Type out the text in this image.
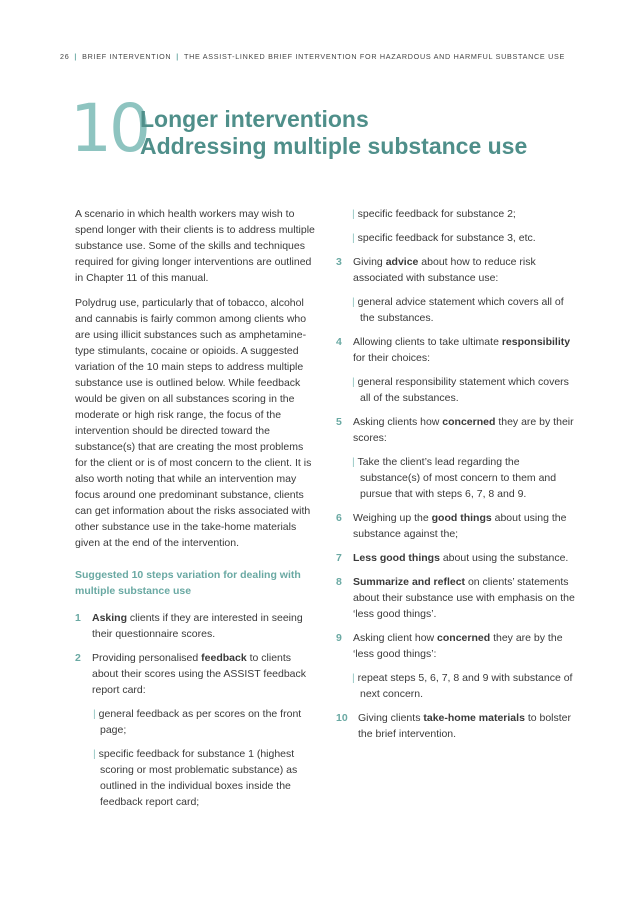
26 | BRIEF INTERVENTION | THE ASSIST-LINKED BRIEF INTERVENTION FOR HAZARDOUS AND HARMFUL SUBSTANCE USE
10
Longer interventions
Addressing multiple substance use

A scenario in which health workers may wish to spend longer with their clients is to address multiple substance use. Some of the skills and techniques required for giving longer interventions are outlined in Chapter 11 of this manual.

Polydrug use, particularly that of tobacco, alcohol and cannabis is fairly common among clients who are using illicit substances such as amphetamine-type stimulants, cocaine or opioids. A suggested variation of the 10 main steps to address multiple substance use is outlined below. While feedback would be given on all substances scoring in the moderate or high risk range, the focus of the intervention should be directed toward the substance(s) that are creating the most problems for the client or is of most concern to the client. It is also worth noting that while an intervention may focus around one predominant substance, clients can get information about the risks associated with other substance use in the take-home materials given at the end of the intervention.

Suggested 10 steps variation for dealing with multiple substance use
1 Asking clients if they are interested in seeing their questionnaire scores.
2 Providing personalised feedback to clients about their scores using the ASSIST feedback report card:
| general feedback as per scores on the front page;
| specific feedback for substance 1 (highest scoring or most problematic substance) as outlined in the individual boxes inside the feedback report card;
| specific feedback for substance 2;
| specific feedback for substance 3, etc.
3 Giving advice about how to reduce risk associated with substance use:
| general advice statement which covers all of the substances.
4 Allowing clients to take ultimate responsibility for their choices:
| general responsibility statement which covers all of the substances.
5 Asking clients how concerned they are by their scores:
| Take the client’s lead regarding the substance(s) of most concern to them and pursue that with steps 6, 7, 8 and 9.
6 Weighing up the good things about using the substance against the;
7 Less good things about using the substance.
8 Summarize and reflect on clients’ statements about their substance use with emphasis on the ‘less good things’.
9 Asking client how concerned they are by the ‘less good things’:
| repeat steps 5, 6, 7, 8 and 9 with substance of next concern.
10 Giving clients take-home materials to bolster the brief intervention.
